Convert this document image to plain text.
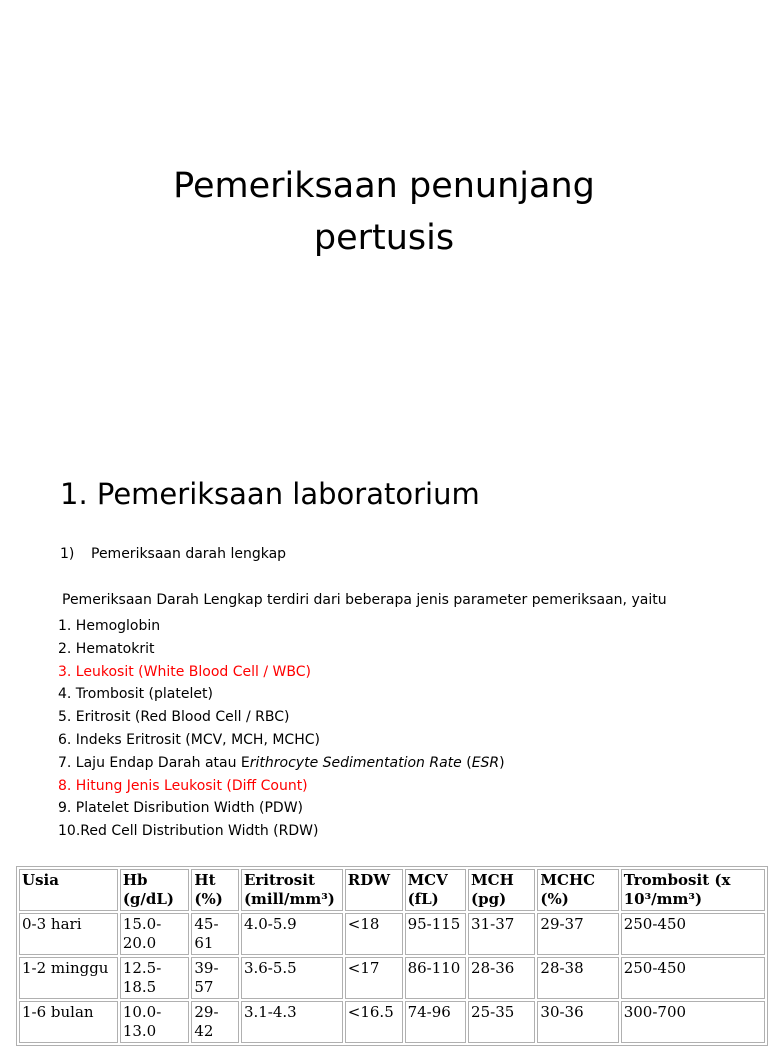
Pemeriksaan penunjang
pertusis
1. Pemeriksaan laboratorium
1) Pemeriksaan darah lengkap
Pemeriksaan Darah Lengkap terdiri dari beberapa jenis parameter pemeriksaan, yaitu
1. Hemoglobin
2. Hematokrit
3. Leukosit (White Blood Cell / WBC)
4. Trombosit (platelet)
5. Eritrosit (Red Blood Cell / RBC)
6. Indeks Eritrosit (MCV, MCH, MCHC)
7. Laju Endap Darah atau Erithrocyte Sedimentation Rate (ESR)
8. Hitung Jenis Leukosit (Diff Count)
9. Platelet Disribution Width (PDW)
10.Red Cell Distribution Width (RDW)
Usia	Hb (g/dL)	Ht (%)	Eritrosit (mill/mm³)	RDW	MCV (fL)	MCH (pg)	MCHC (%)	Trombosit (x 10³/mm³)
0-3 hari	15.0-20.0	45-61	4.0-5.9	<18	95-115	31-37	29-37	250-450
1-2 minggu	12.5-18.5	39-57	3.6-5.5	<17	86-110	28-36	28-38	250-450
1-6 bulan	10.0-13.0	29-42	3.1-4.3	<16.5	74-96	25-35	30-36	300-700
